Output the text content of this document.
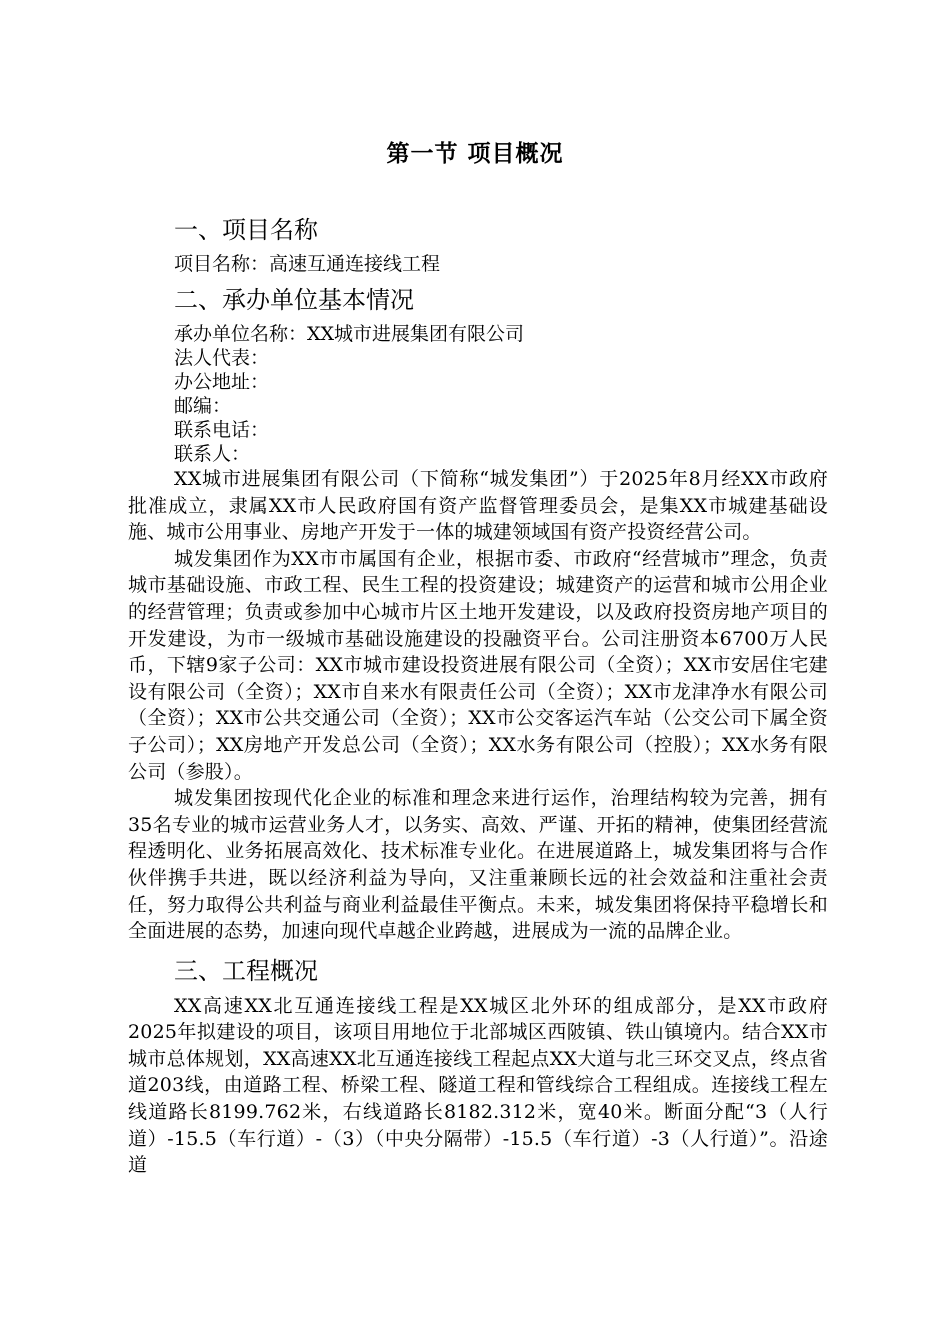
第一节 项目概况
一、项目名称
项目名称：高速互通连接线工程
二、承办单位基本情况
承办单位名称：XX城市进展集团有限公司
法人代表：
办公地址：
邮编：
联系电话：
联系人：

XX城市进展集团有限公司（下简称“城发集团”）于2025年8月经XX市政府批准成立，隶属XX市人民政府国有资产监督管理委员会，是集XX市城建基础设施、城市公用事业、房地产开发于一体的城建领域国有资产投资经营公司。

城发集团作为XX市市属国有企业，根据市委、市政府“经营城市”理念，负责城市基础设施、市政工程、民生工程的投资建设；城建资产的运营和城市公用企业的经营管理；负责或参加中心城市片区土地开发建设，以及政府投资房地产项目的开发建设，为市一级城市基础设施建设的投融资平台。公司注册资本6700万人民币，下辖9家子公司：XX市城市建设投资进展有限公司（全资）；XX市安居住宅建设有限公司（全资）；XX市自来水有限责任公司（全资）；XX市龙津净水有限公司（全资）；XX市公共交通公司（全资）；XX市公交客运汽车站（公交公司下属全资子公司）；XX房地产开发总公司（全资）；XX水务有限公司（控股）；XX水务有限公司（参股）。

城发集团按现代化企业的标准和理念来进行运作，治理结构较为完善，拥有35名专业的城市运营业务人才，以务实、高效、严谨、开拓的精神，使集团经营流程透明化、业务拓展高效化、技术标准专业化。在进展道路上，城发集团将与合作伙伴携手共进，既以经济利益为导向，又注重兼顾长远的社会效益和注重社会责任，努力取得公共利益与商业利益最佳平衡点。未来，城发集团将保持平稳增长和全面进展的态势，加速向现代卓越企业跨越，进展成为一流的品牌企业。

三、工程概况

XX高速XX北互通连接线工程是XX城区北外环的组成部分，是XX市政府2025年拟建设的项目，该项目用地位于北部城区西陂镇、铁山镇境内。结合XX市城市总体规划，XX高速XX北互通连接线工程起点XX大道与北三环交叉点，终点省道203线，由道路工程、桥梁工程、隧道工程和管线综合工程组成。连接线工程左线道路长8199.762米，右线道路长8182.312米，宽40米。断面分配“3（人行道）-15.5（车行道）-（3）（中央分隔带）-15.5（车行道）-3（人行道）”。沿途道
